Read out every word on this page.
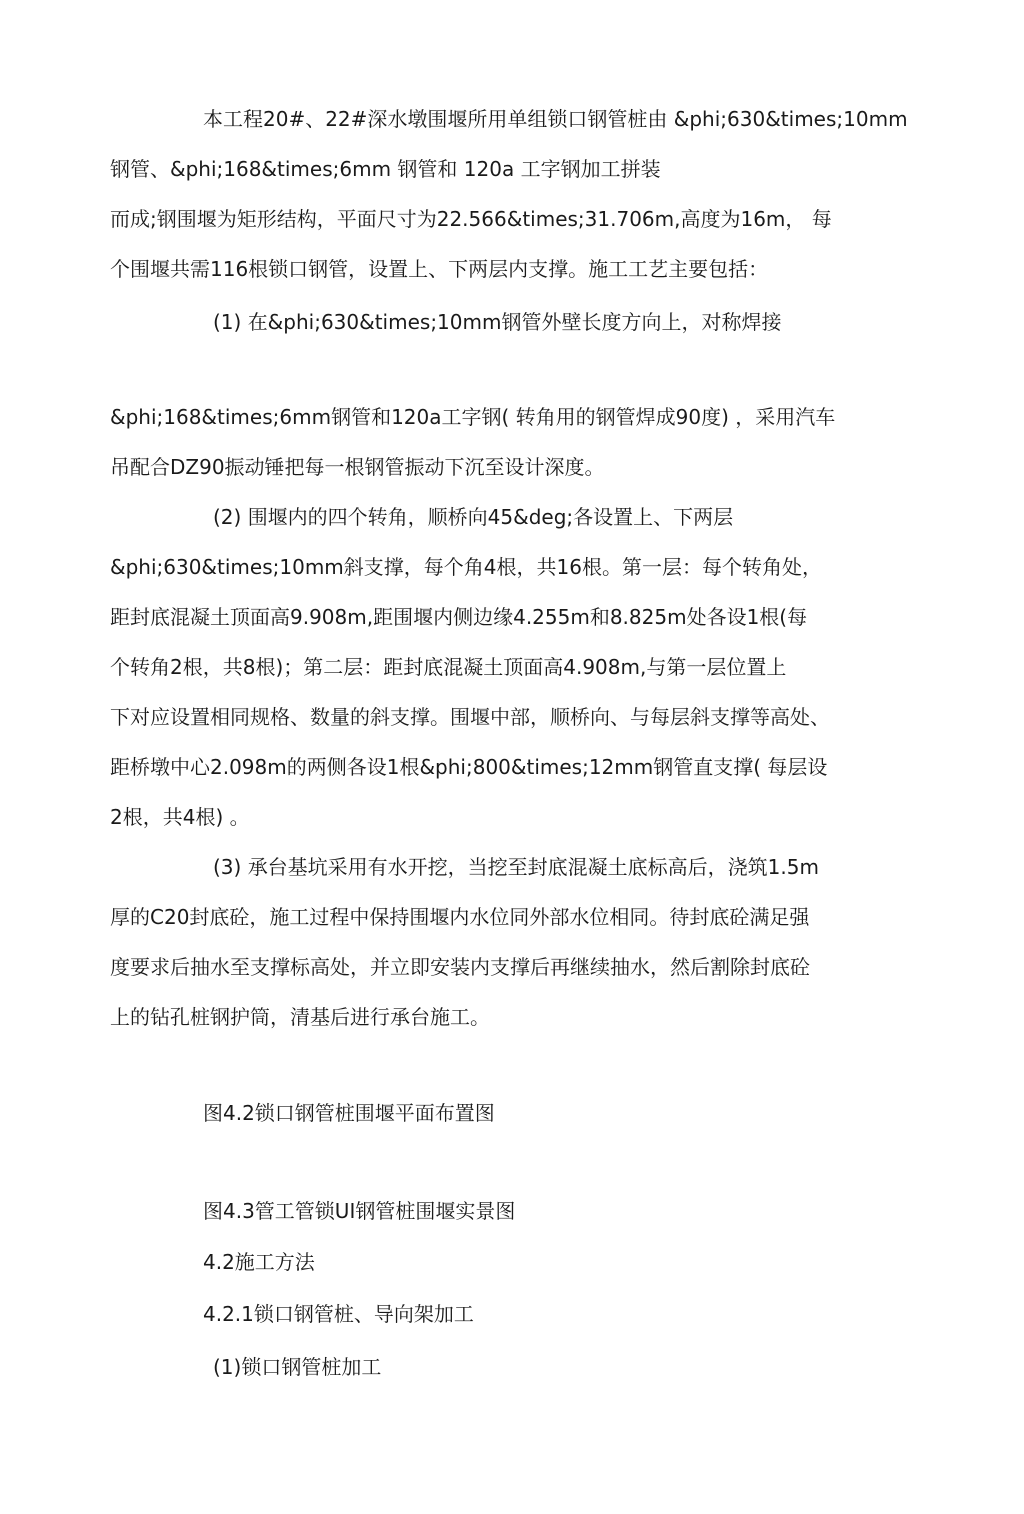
本工程20#、22#深水墩围堰所用单组锁口钢管桩由 &phi;630&times;10mm
钢管、&phi;168&times;6mm 钢管和 120a 工字钢加工拼装
而成;钢围堰为矩形结构，平面尺寸为22.566&times;31.706m,高度为16m， 每
个围堰共需116根锁口钢管，设置上、下两层内支撑。施工工艺主要包括：
(1) 在&phi;630&times;10mm钢管外壁长度方向上，对称焊接
&phi;168&times;6mm钢管和120a工字钢( 转角用的钢管焊成90度) ，采用汽车
吊配合DZ90振动锤把每一根钢管振动下沉至设计深度。
(2) 围堰内的四个转角，顺桥向45&deg;各设置上、下两层
&phi;630&times;10mm斜支撑，每个角4根，共16根。第一层：每个转角处，
距封底混凝土顶面高9.908m,距围堰内侧边缘4.255m和8.825m处各设1根(每
个转角2根，共8根)；第二层：距封底混凝土顶面高4.908m,与第一层位置上
下对应设置相同规格、数量的斜支撑。围堰中部，顺桥向、与每层斜支撑等高处、
距桥墩中心2.098m的两侧各设1根&phi;800&times;12mm钢管直支撑( 每层设
2根，共4根) 。
(3) 承台基坑采用有水开挖，当挖至封底混凝土底标高后，浇筑1.5m
厚的C20封底砼，施工过程中保持围堰内水位同外部水位相同。待封底砼满足强
度要求后抽水至支撑标高处，并立即安装内支撑后再继续抽水，然后割除封底砼
上的钻孔桩钢护筒，清基后进行承台施工。
图4.2锁口钢管桩围堰平面布置图
图4.3管工管锁UI钢管桩围堰实景图
4.2施工方法
4.2.1锁口钢管桩、导向架加工
(1)锁口钢管桩加工
